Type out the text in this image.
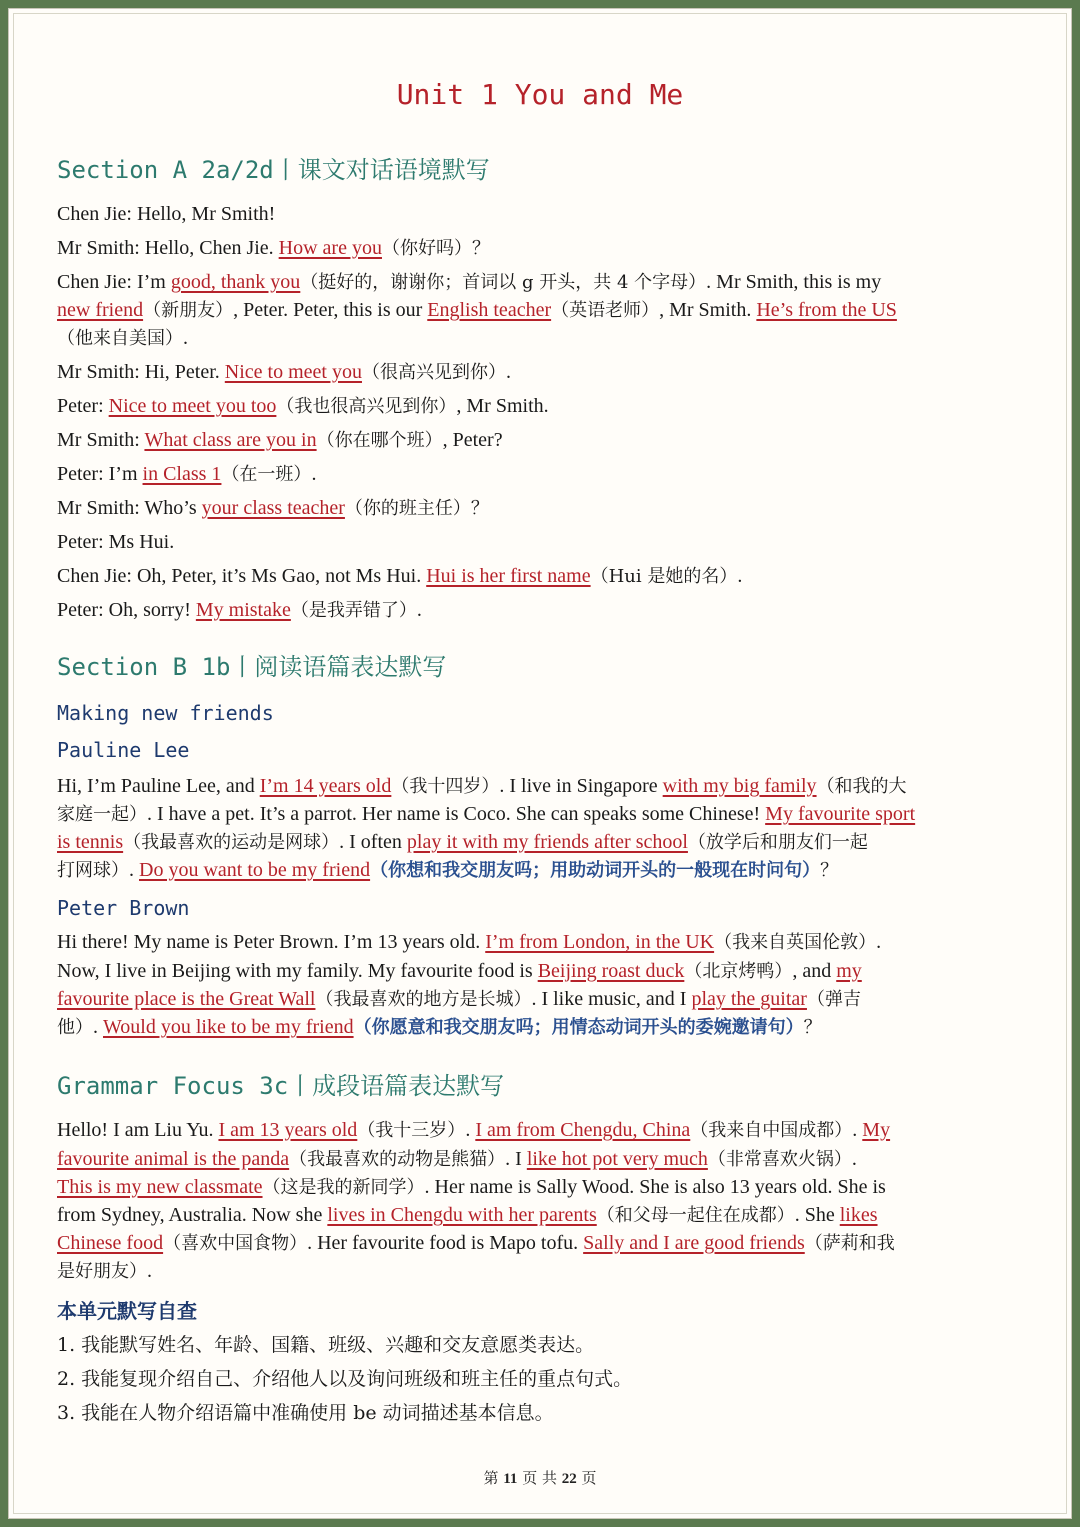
Unit 1 You and Me
Section A 2a/2d丨课文对话语境默写
Chen Jie: Hello, Mr Smith!
Mr Smith: Hello, Chen Jie. How are you（你好吗）？
Chen Jie: I’m good, thank you（挺好的，谢谢你；首词以 g 开头，共 4 个字母）. Mr Smith, this is my
new friend（新朋友）, Peter. Peter, this is our English teacher（英语老师）, Mr Smith. He’s from the US
（他来自美国）.
Mr Smith: Hi, Peter. Nice to meet you（很高兴见到你）.
Peter: Nice to meet you too（我也很高兴见到你）, Mr Smith.
Mr Smith: What class are you in（你在哪个班）, Peter?
Peter: I’m in Class 1（在一班）.
Mr Smith: Who’s your class teacher（你的班主任）？
Peter: Ms Hui.
Chen Jie: Oh, Peter, it’s Ms Gao, not Ms Hui. Hui is her first name（Hui 是她的名）.
Peter: Oh, sorry! My mistake（是我弄错了）.
Section B 1b丨阅读语篇表达默写
Making new friends
Pauline Lee
Hi, I’m Pauline Lee, and I’m 14 years old（我十四岁）. I live in Singapore with my big family（和我的大
家庭一起）. I have a pet. It’s a parrot. Her name is Coco. She can speaks some Chinese! My favourite sport
is tennis（我最喜欢的运动是网球）. I often play it with my friends after school（放学后和朋友们一起
打网球）. Do you want to be my friend（你想和我交朋友吗；用助动词开头的一般现在时问句）？
Peter Brown
Hi there! My name is Peter Brown. I’m 13 years old. I’m from London, in the UK（我来自英国伦敦）.
Now, I live in Beijing with my family. My favourite food is Beijing roast duck（北京烤鸭）, and my
favourite place is the Great Wall（我最喜欢的地方是长城）. I like music, and I play the guitar（弹吉
他）. Would you like to be my friend（你愿意和我交朋友吗；用情态动词开头的委婉邀请句）？
Grammar Focus 3c丨成段语篇表达默写
Hello! I am Liu Yu. I am 13 years old（我十三岁）. I am from Chengdu, China（我来自中国成都）. My
favourite animal is the panda（我最喜欢的动物是熊猫）. I like hot pot very much（非常喜欢火锅）.
This is my new classmate（这是我的新同学）. Her name is Sally Wood. She is also 13 years old. She is
from Sydney, Australia. Now she lives in Chengdu with her parents（和父母一起住在成都）. She likes
Chinese food（喜欢中国食物）. Her favourite food is Mapo tofu. Sally and I are good friends（萨莉和我
是好朋友）.
本单元默写自查
1. 我能默写姓名、年龄、国籍、班级、兴趣和交友意愿类表达。
2. 我能复现介绍自己、介绍他人以及询问班级和班主任的重点句式。
3. 我能在人物介绍语篇中准确使用 be 动词描述基本信息。
第 11 页 共 22 页
